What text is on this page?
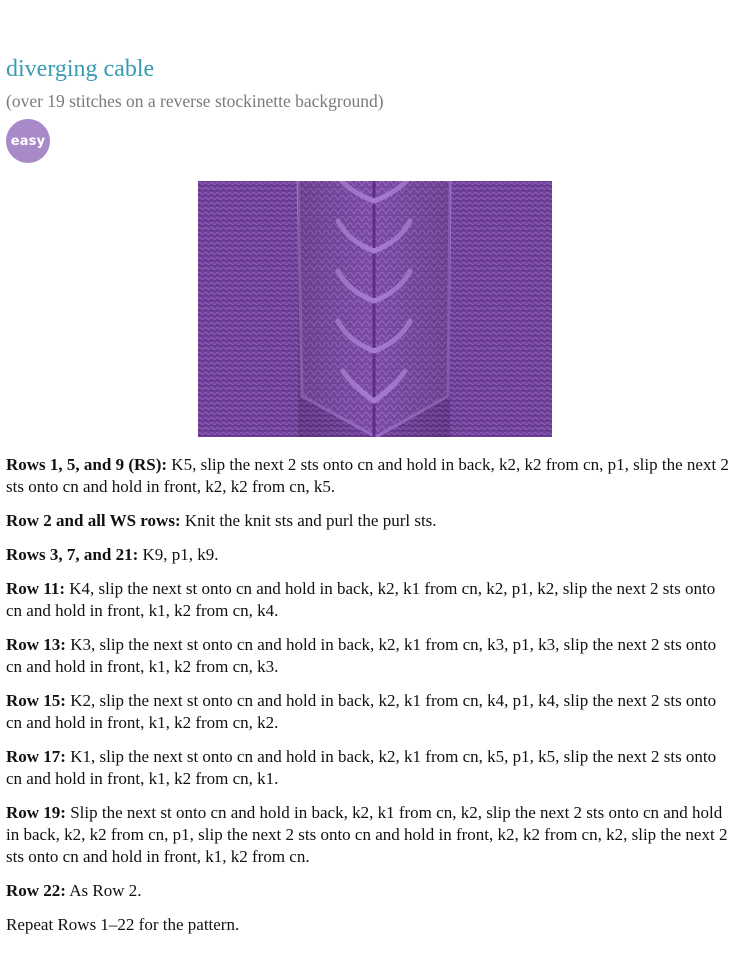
diverging cable
(over 19 stitches on a reverse stockinette background)
easy

Rows 1, 5, and 9 (RS): K5, slip the next 2 sts onto cn and hold in back, k2, k2 from cn, p1, slip the next 2 sts onto cn and hold in front, k2, k2 from cn, k5.

Row 2 and all WS rows: Knit the knit sts and purl the purl sts.

Rows 3, 7, and 21: K9, p1, k9.

Row 11: K4, slip the next st onto cn and hold in back, k2, k1 from cn, k2, p1, k2, slip the next 2 sts onto cn and hold in front, k1, k2 from cn, k4.

Row 13: K3, slip the next st onto cn and hold in back, k2, k1 from cn, k3, p1, k3, slip the next 2 sts onto cn and hold in front, k1, k2 from cn, k3.

Row 15: K2, slip the next st onto cn and hold in back, k2, k1 from cn, k4, p1, k4, slip the next 2 sts onto cn and hold in front, k1, k2 from cn, k2.

Row 17: K1, slip the next st onto cn and hold in back, k2, k1 from cn, k5, p1, k5, slip the next 2 sts onto cn and hold in front, k1, k2 from cn, k1.

Row 19: Slip the next st onto cn and hold in back, k2, k1 from cn, k2, slip the next 2 sts onto cn and hold in back, k2, k2 from cn, p1, slip the next 2 sts onto cn and hold in front, k2, k2 from cn, k2, slip the next 2 sts onto cn and hold in front, k1, k2 from cn.

Row 22: As Row 2.

Repeat Rows 1–22 for the pattern.
